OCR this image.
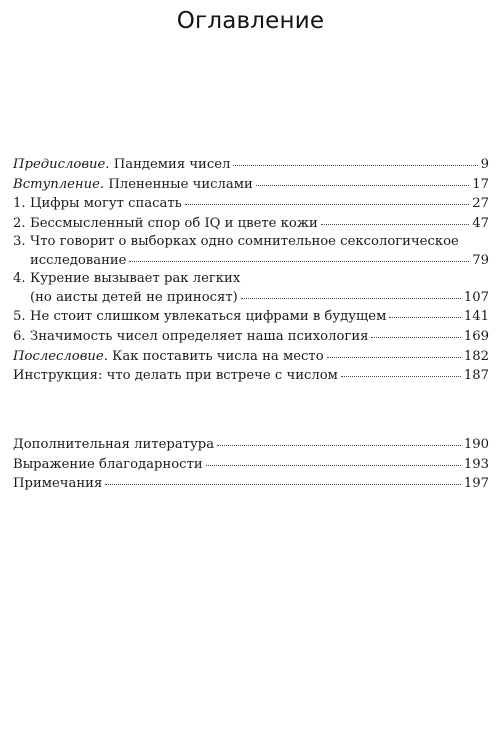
Оглавление
Предисловие. Пандемия чисел	9
Вступление. Плененные числами	17
1. Цифры могут спасать	27
2. Бессмысленный спор об IQ и цвете кожи	47
3. Что говорит о выборках одно сомнительное сексологическое
исследование	79
4. Курение вызывает рак легких
(но аисты детей не приносят)	107
5. Не стоит слишком увлекаться цифрами в будущем	141
6. Значимость чисел определяет наша психология	169
Послесловие. Как поставить числа на место	182
Инструкция: что делать при встрече с числом	187
Дополнительная литература	190
Выражение благодарности	193
Примечания	197
